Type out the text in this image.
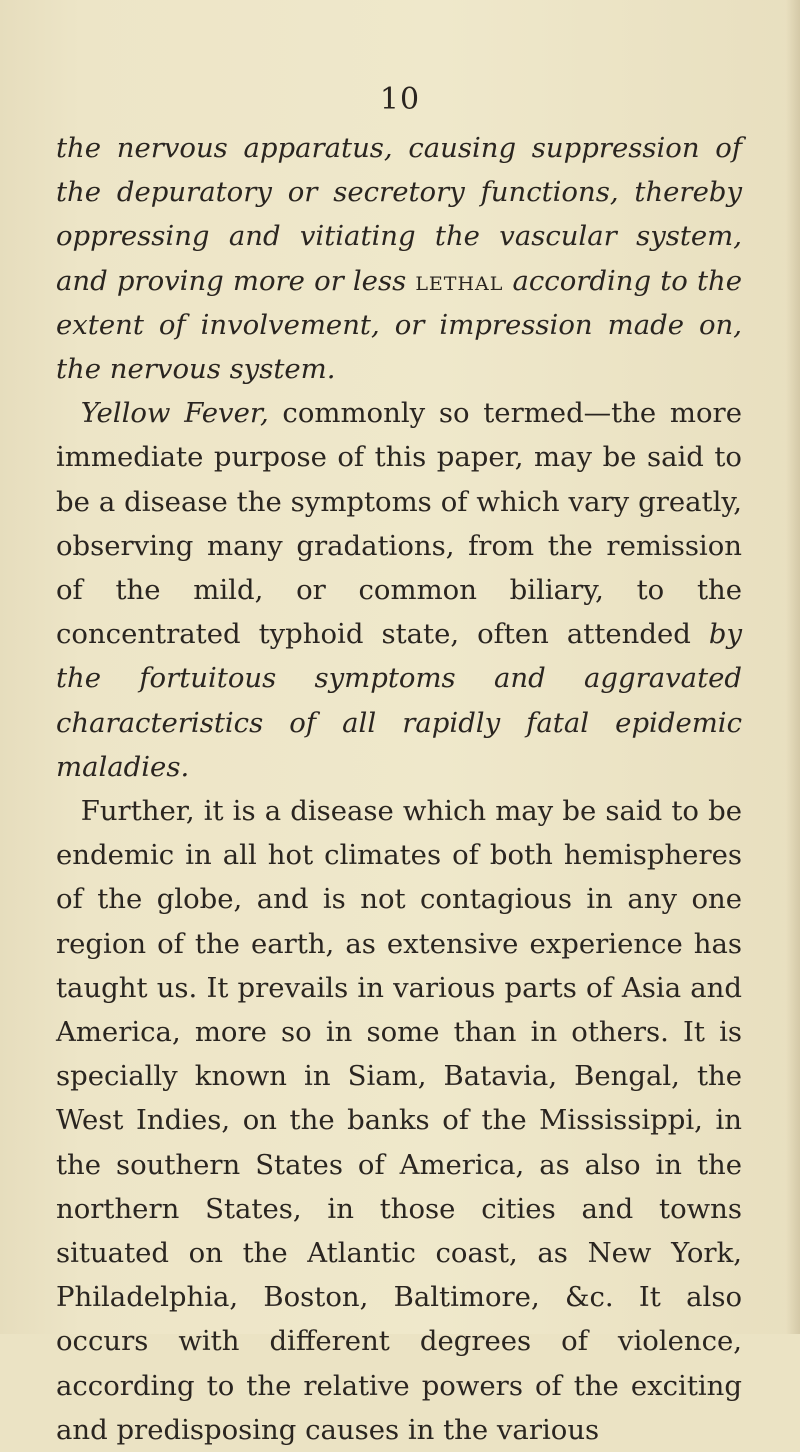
10

the nervous apparatus, causing suppression of the depuratory or secretory functions, thereby oppressing and vitiating the vascular system, and proving more or less lethal according to the extent of involvement, or impression made on, the nervous system.

Yellow Fever, commonly so termed—the more immediate purpose of this paper, may be said to be a disease the symptoms of which vary greatly, observing many gradations, from the remission of the mild, or common biliary, to the concentrated typhoid state, often attended by the fortuitous symptoms and aggravated characteristics of all rapidly fatal epidemic maladies.

Further, it is a disease which may be said to be endemic in all hot climates of both hemispheres of the globe, and is not contagious in any one region of the earth, as extensive experience has taught us. It prevails in various parts of Asia and America, more so in some than in others. It is specially known in Siam, Batavia, Bengal, the West Indies, on the banks of the Mississippi, in the southern States of America, as also in the northern States, in those cities and towns situated on the Atlantic coast, as New York, Philadelphia, Boston, Baltimore, &c. It also occurs with different degrees of violence, according to the relative powers of the exciting and predisposing causes in the various
